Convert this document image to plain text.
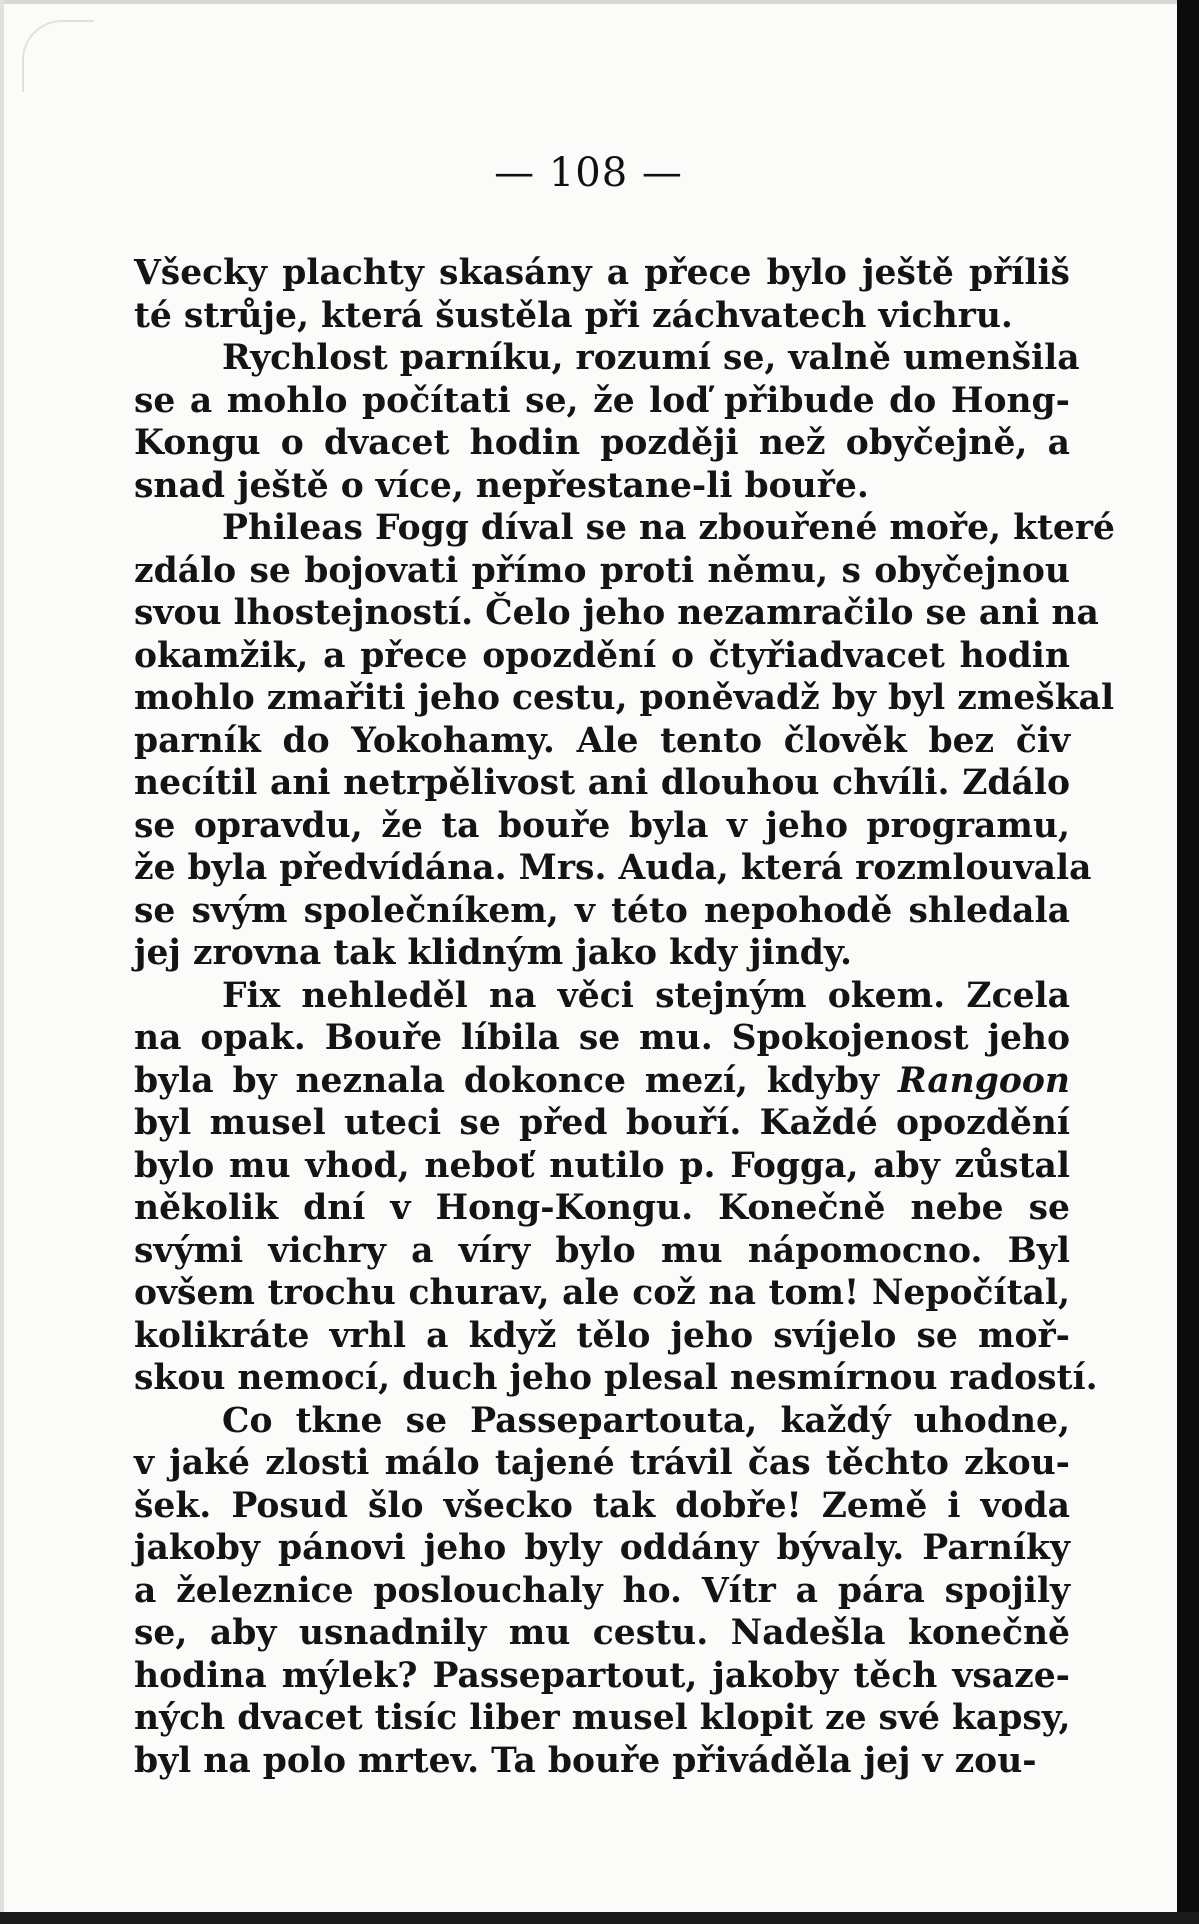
— 108 —
Všecky plachty skasány a přece bylo ještě příliš
té strůje, která šustěla při záchvatech vichru.
Rychlost parníku, rozumí se, valně umenšila
se a mohlo počítati se, že loď přibude do Hong-
Kongu o dvacet hodin později než obyčejně, a
snad ještě o více, nepřestane-li bouře.
Phileas Fogg díval se na zbouřené moře, které
zdálo se bojovati přímo proti němu, s obyčejnou
svou lhostejností. Čelo jeho nezamračilo se ani na
okamžik, a přece opozdění o čtyřiadvacet hodin
mohlo zmařiti jeho cestu, poněvadž by byl zmeškal
parník do Yokohamy. Ale tento člověk bez čiv
necítil ani netrpělivost ani dlouhou chvíli. Zdálo
se opravdu, že ta bouře byla v jeho programu,
že byla předvídána. Mrs. Auda, která rozmlouvala
se svým společníkem, v této nepohodě shledala
jej zrovna tak klidným jako kdy jindy.
Fix nehleděl na věci stejným okem. Zcela
na opak. Bouře líbila se mu. Spokojenost jeho
byla by neznala dokonce mezí, kdyby Rangoon
byl musel uteci se před bouří. Každé opozdění
bylo mu vhod, neboť nutilo p. Fogga, aby zůstal
několik dní v Hong-Kongu. Konečně nebe se
svými vichry a víry bylo mu nápomocno. Byl
ovšem trochu churav, ale což na tom! Nepočítal,
kolikráte vrhl a když tělo jeho svíjelo se moř-
skou nemocí, duch jeho plesal nesmírnou radostí.
Co tkne se Passepartouta, každý uhodne,
v jaké zlosti málo tajené trávil čas těchto zkou-
šek. Posud šlo všecko tak dobře! Země i voda
jakoby pánovi jeho byly oddány bývaly. Parníky
a železnice poslouchaly ho. Vítr a pára spojily
se, aby usnadnily mu cestu. Nadešla konečně
hodina mýlek? Passepartout, jakoby těch vsaze-
ných dvacet tisíc liber musel klopit ze své kapsy,
byl na polo mrtev. Ta bouře přiváděla jej v zou-
